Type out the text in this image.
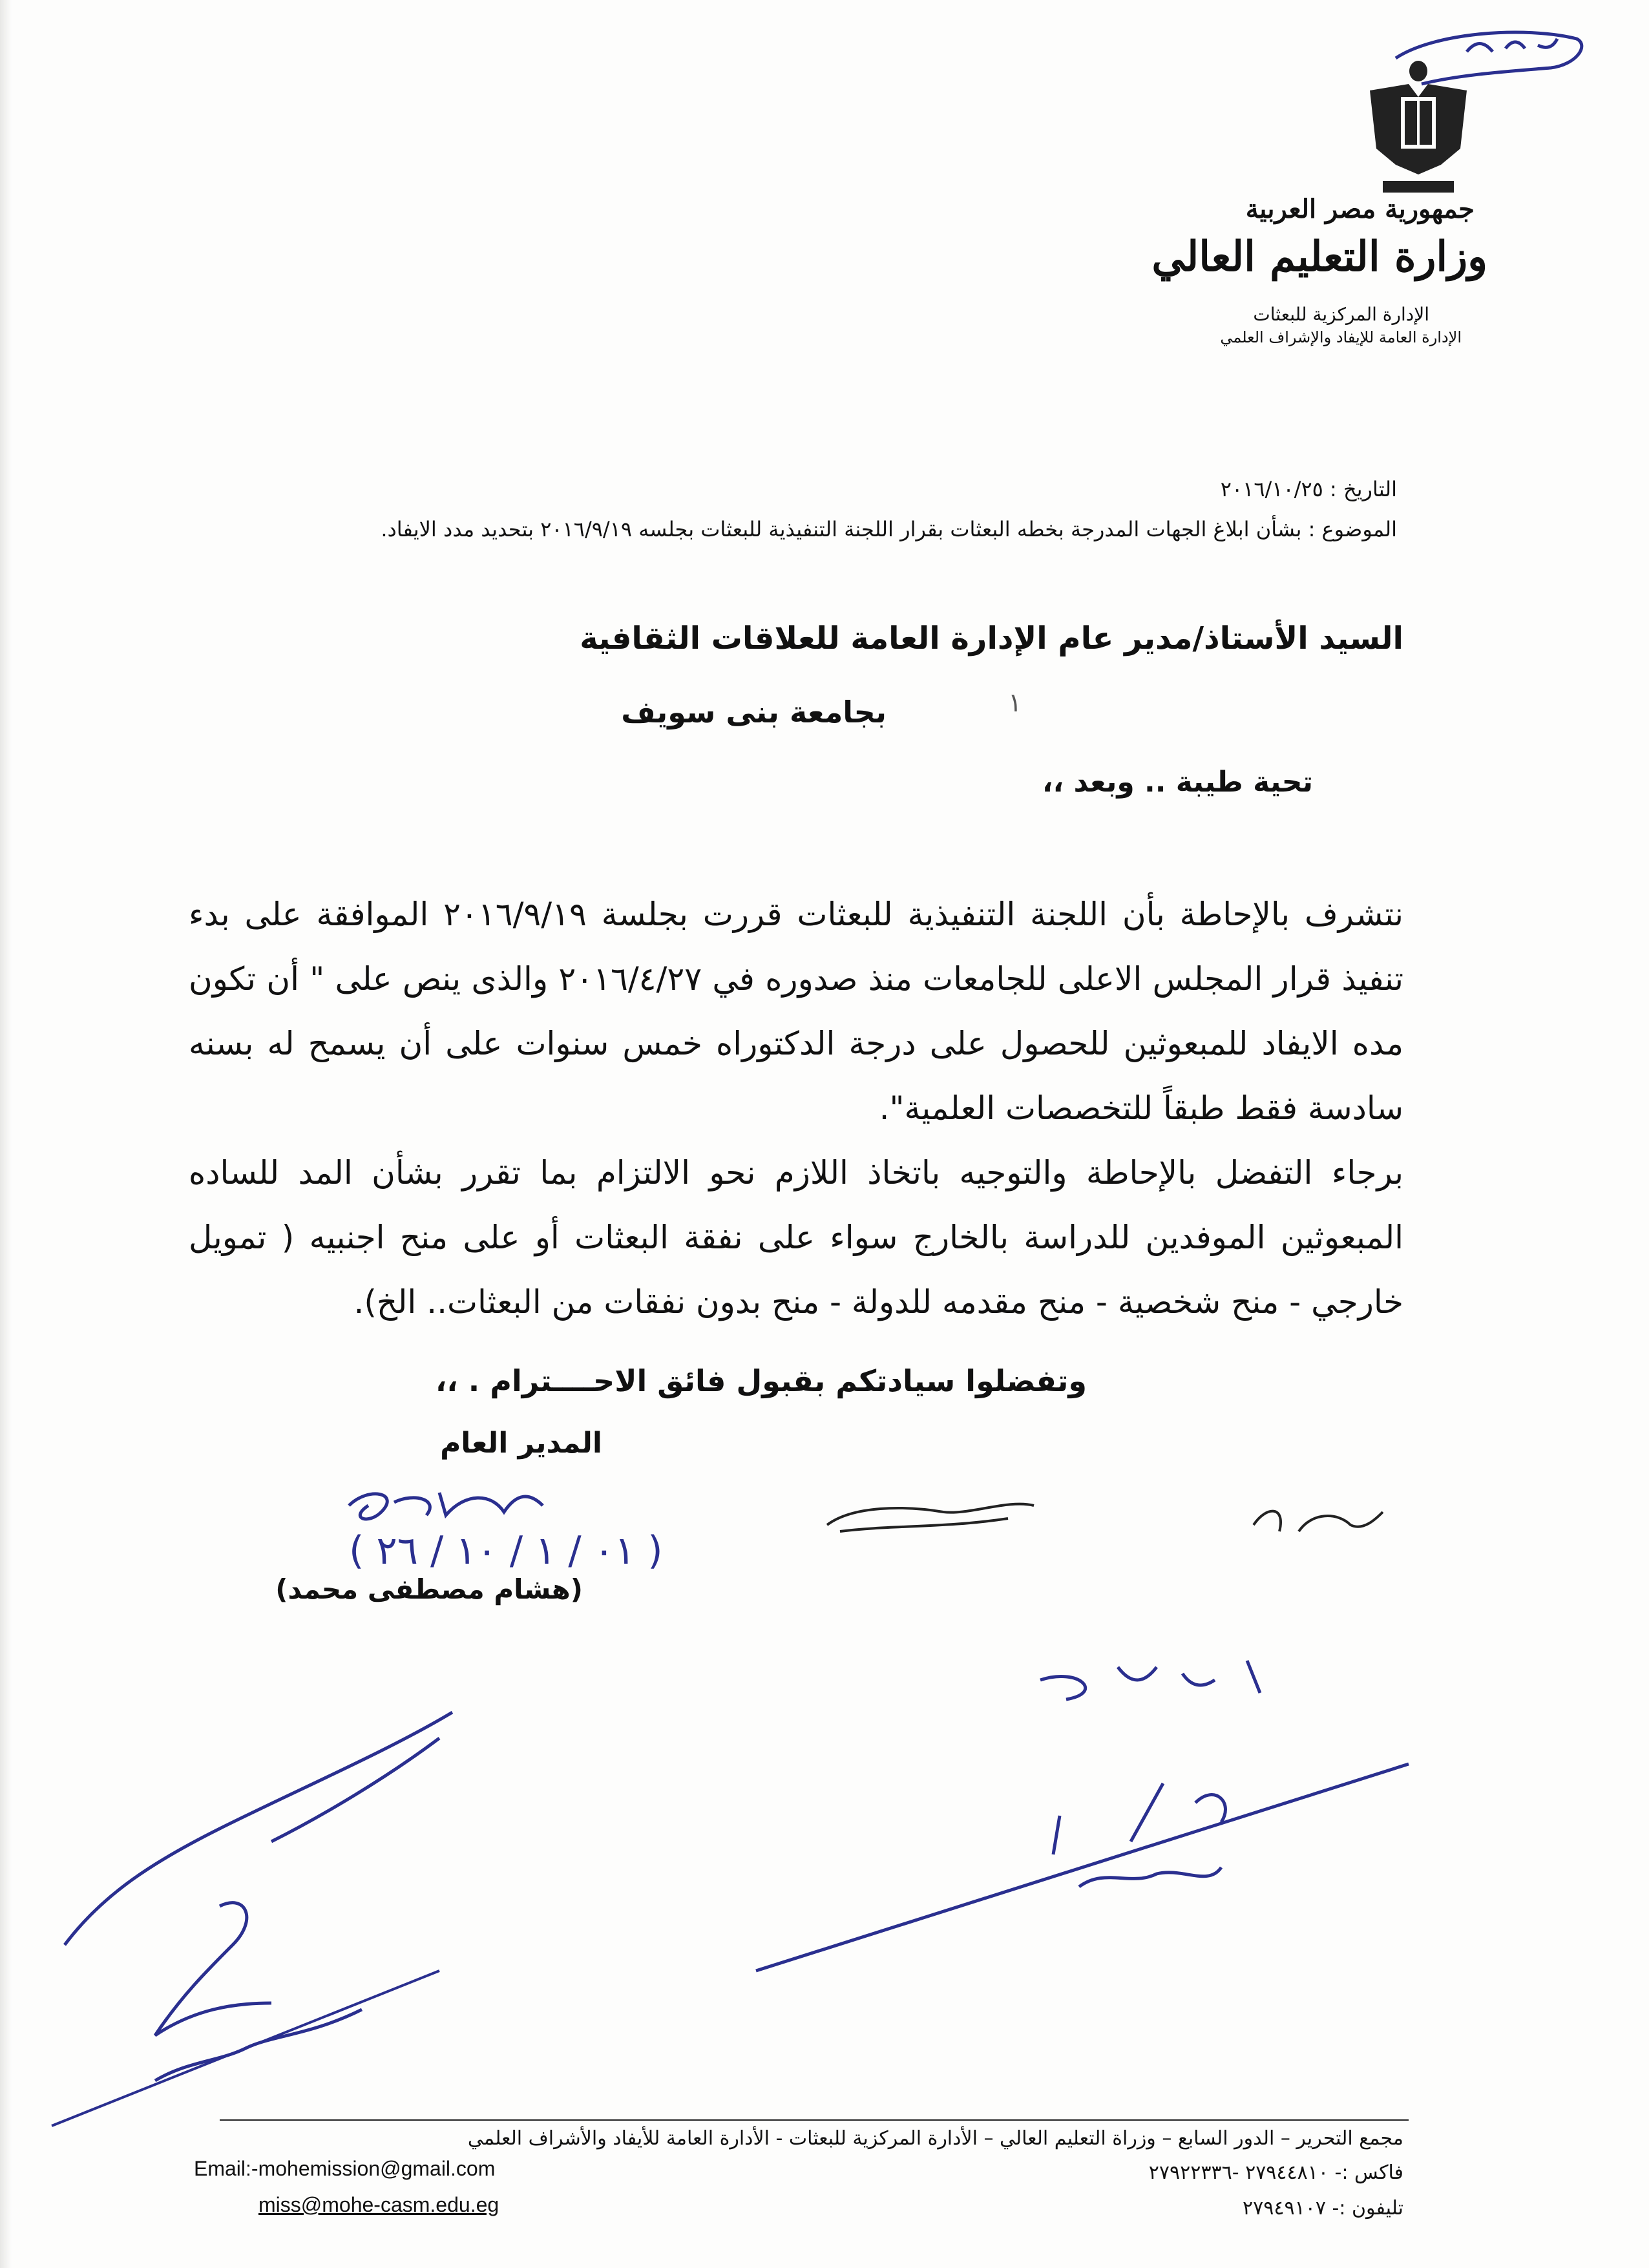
جمهورية مصر العربية
وزارة التعليم العالي
الإدارة المركزية للبعثات
الإدارة العامة للإيفاد والإشراف العلمي
التاريخ : ٢٠١٦/١٠/٢٥
الموضوع : بشأن ابلاغ الجهات المدرجة بخطه البعثات بقرار اللجنة التنفيذية للبعثات بجلسه ٢٠١٦/٩/١٩ بتحديد مدد الايفاد.
السيد الأستاذ/مدير عام الإدارة العامة للعلاقات الثقافية
بجامعة بنى سويف	١
تحية طيبة .. وبعد ،،

نتشرف بالإحاطة بأن اللجنة التنفيذية للبعثات قررت بجلسة ٢٠١٦/٩/١٩ الموافقة على بدء تنفيذ قرار المجلس الاعلى للجامعات منذ صدوره في ٢٠١٦/٤/٢٧ والذى ينص على " أن تكون مده الايفاد للمبعوثين للحصول على درجة الدكتوراه خمس سنوات على أن يسمح له بسنه سادسة فقط طبقاً للتخصصات العلمية".

برجاء التفضل بالإحاطة والتوجيه باتخاذ اللازم نحو الالتزام بما تقرر بشأن المد للساده المبعوثين الموفدين للدراسة بالخارج سواء على نفقة البعثات أو على منح اجنبيه ( تمويل خارجي - منح شخصية - منح مقدمه للدولة - منح بدون نفقات من البعثات.. الخ).

وتفضلوا سيادتكم بقبول فائق الاحــــترام . ،،
المدير العام
( ٠١ / ١ / ١٠ / ٢٦ )
(هشام مصطفى محمد)
مجمع التحرير – الدور السابع – وزراة التعليم العالي – الأدارة المركزية للبعثات - الأدارة العامة للأيفاد والأشراف العلمي
Email:-mohemission@gmail.com	فاكس :- ٢٧٩٤٤٨١٠ -٢٧٩٢٢٣٣٦
miss@mohe-casm.edu.eg	تليفون :- ٢٧٩٤٩١٠٧
